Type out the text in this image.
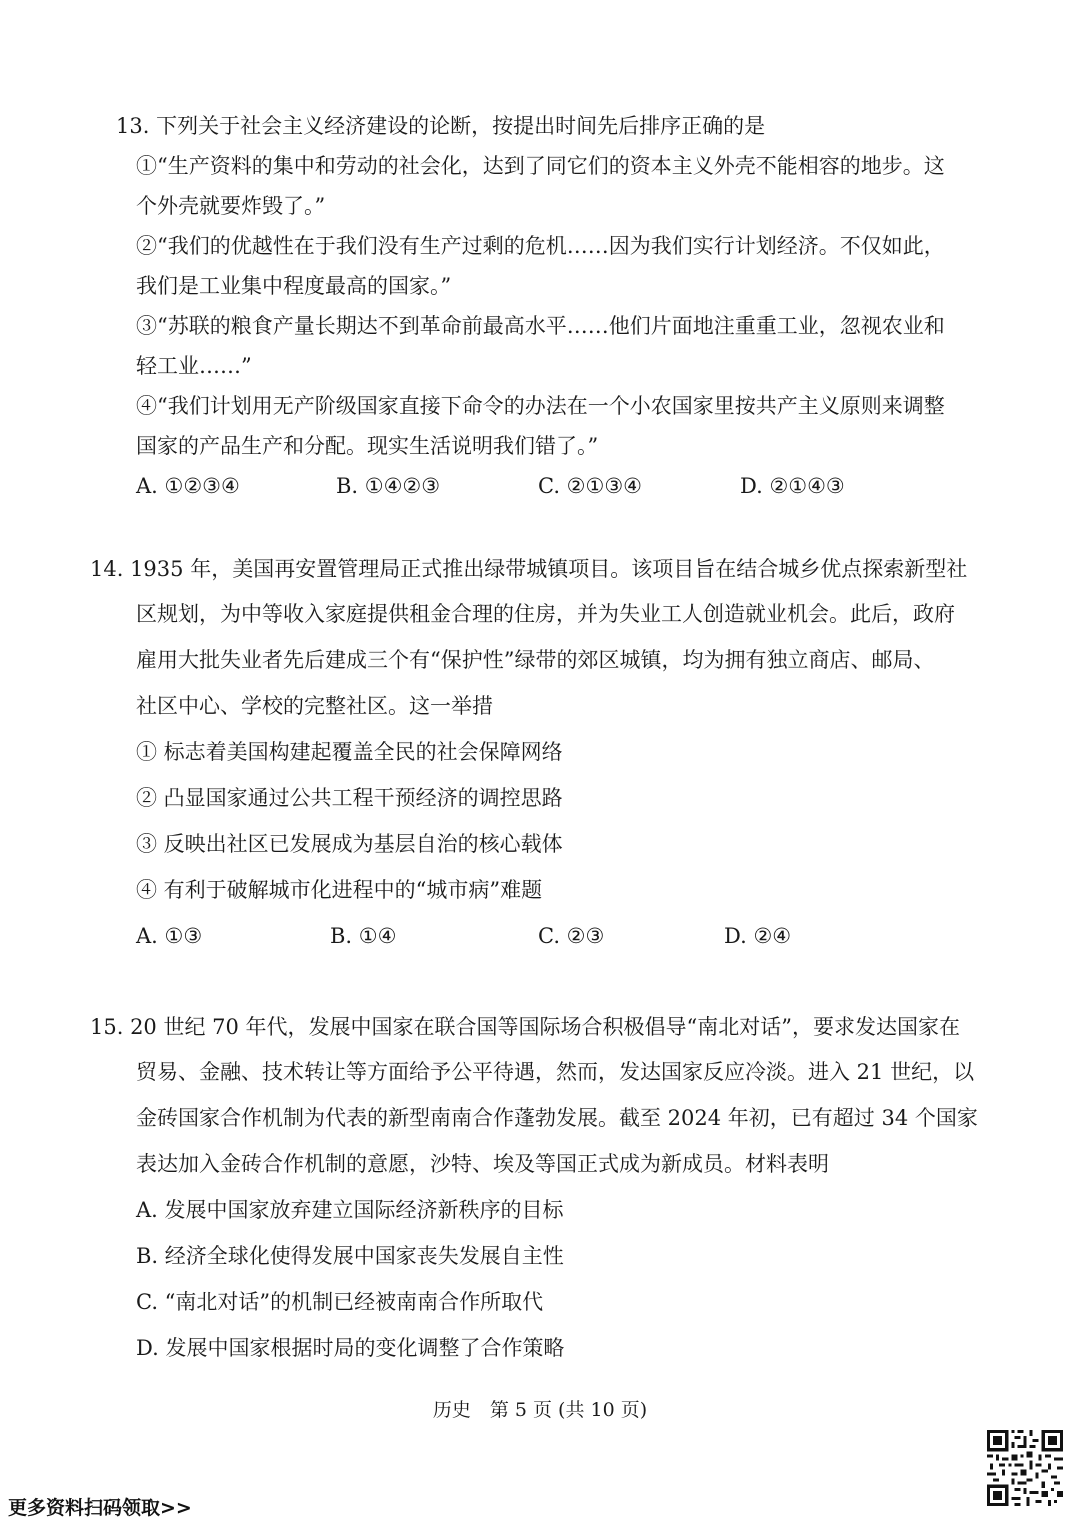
13. 下列关于社会主义经济建设的论断，按提出时间先后排序正确的是
①“生产资料的集中和劳动的社会化，达到了同它们的资本主义外壳不能相容的地步。这
个外壳就要炸毁了。”
②“我们的优越性在于我们没有生产过剩的危机……因为我们实行计划经济。不仅如此，
我们是工业集中程度最高的国家。”
③“苏联的粮食产量长期达不到革命前最高水平……他们片面地注重重工业，忽视农业和
轻工业……”
④“我们计划用无产阶级国家直接下命令的办法在一个小农国家里按共产主义原则来调整
国家的产品生产和分配。现实生活说明我们错了。”
A. ①②③④	B. ①④②③	C. ②①③④	D. ②①④③
14. 1935 年，美国再安置管理局正式推出绿带城镇项目。该项目旨在结合城乡优点探索新型社
区规划，为中等收入家庭提供租金合理的住房，并为失业工人创造就业机会。此后，政府
雇用大批失业者先后建成三个有“保护性”绿带的郊区城镇，均为拥有独立商店、邮局、
社区中心、学校的完整社区。这一举措
① 标志着美国构建起覆盖全民的社会保障网络
② 凸显国家通过公共工程干预经济的调控思路
③ 反映出社区已发展成为基层自治的核心载体
④ 有利于破解城市化进程中的“城市病”难题
A. ①③	B. ①④	C. ②③	D. ②④
15. 20 世纪 70 年代，发展中国家在联合国等国际场合积极倡导“南北对话”，要求发达国家在
贸易、金融、技术转让等方面给予公平待遇，然而，发达国家反应冷淡。进入 21 世纪，以
金砖国家合作机制为代表的新型南南合作蓬勃发展。截至 2024 年初，已有超过 34 个国家
表达加入金砖合作机制的意愿，沙特、埃及等国正式成为新成员。材料表明
A. 发展中国家放弃建立国际经济新秩序的目标
B. 经济全球化使得发展中国家丧失发展自主性
C. “南北对话”的机制已经被南南合作所取代
D. 发展中国家根据时局的变化调整了合作策略
历史　第 5 页 (共 10 页)
更多资料扫码领取>>
